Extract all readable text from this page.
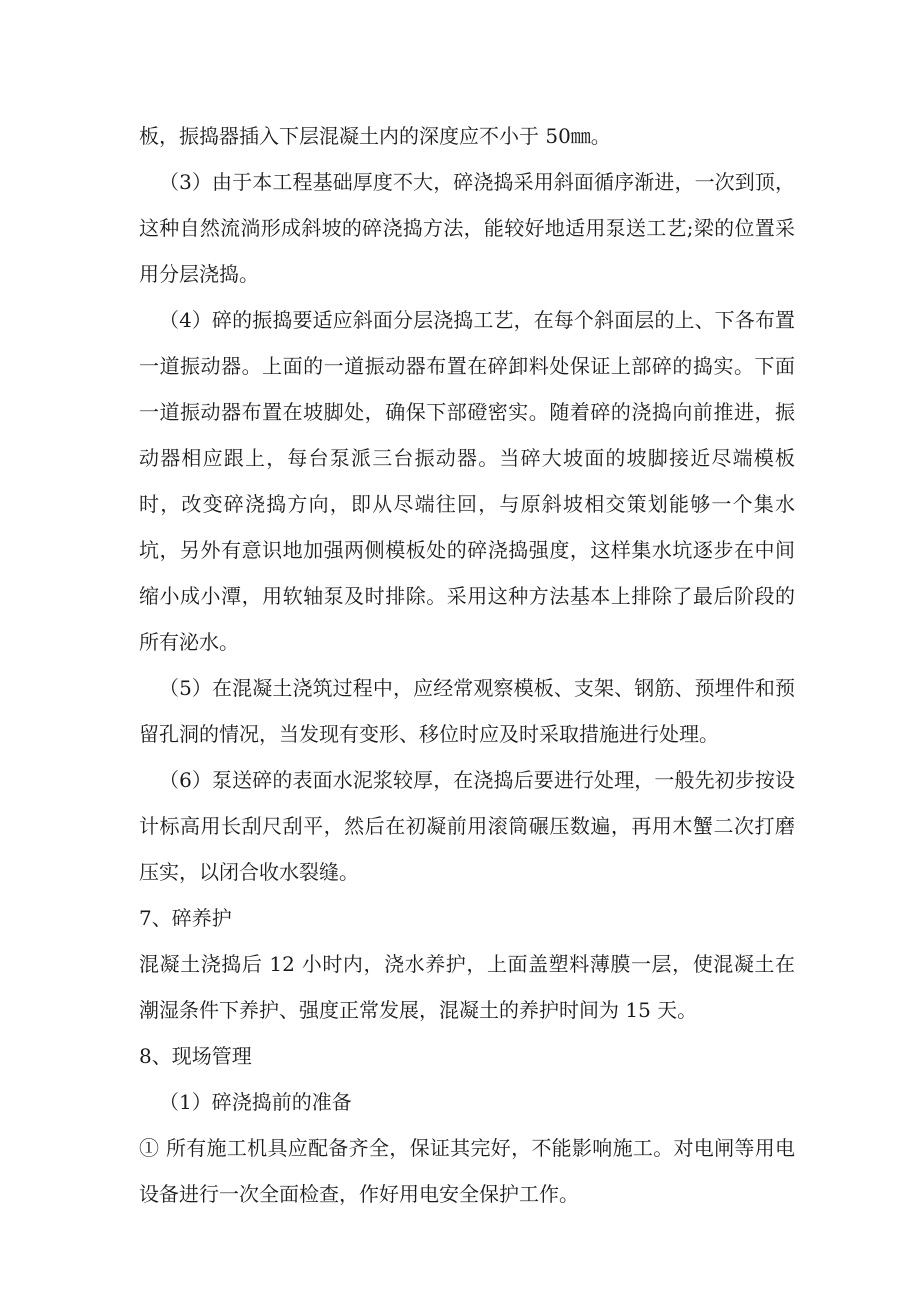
板，振捣器插入下层混凝土内的深度应不小于 50㎜。

（3）由于本工程基础厚度不大，碎浇捣采用斜面循序渐进，一次到顶，这种自然流淌形成斜坡的碎浇捣方法，能较好地适用泵送工艺;梁的位置采用分层浇捣。

（4）碎的振捣要适应斜面分层浇捣工艺，在每个斜面层的上、下各布置一道振动器。上面的一道振动器布置在碎卸料处保证上部碎的捣实。下面一道振动器布置在坡脚处，确保下部磴密实。随着碎的浇捣向前推进，振动器相应跟上，每台泵派三台振动器。当碎大坡面的坡脚接近尽端模板时，改变碎浇捣方向，即从尽端往回，与原斜坡相交策划能够一个集水坑，另外有意识地加强两侧模板处的碎浇捣强度，这样集水坑逐步在中间缩小成小潭，用软轴泵及时排除。采用这种方法基本上排除了最后阶段的所有泌水。

（5）在混凝土浇筑过程中，应经常观察模板、支架、钢筋、预埋件和预留孔洞的情况，当发现有变形、移位时应及时采取措施进行处理。

（6）泵送碎的表面水泥浆较厚，在浇捣后要进行处理，一般先初步按设计标高用长刮尺刮平，然后在初凝前用滚筒碾压数遍，再用木蟹二次打磨压实，以闭合收水裂缝。

7、碎养护

混凝土浇捣后 12 小时内，浇水养护，上面盖塑料薄膜一层，使混凝土在潮湿条件下养护、强度正常发展，混凝土的养护时间为 15 天。

8、现场管理

（1）碎浇捣前的准备

① 所有施工机具应配备齐全，保证其完好，不能影响施工。对电闸等用电设备进行一次全面检查，作好用电安全保护工作。
